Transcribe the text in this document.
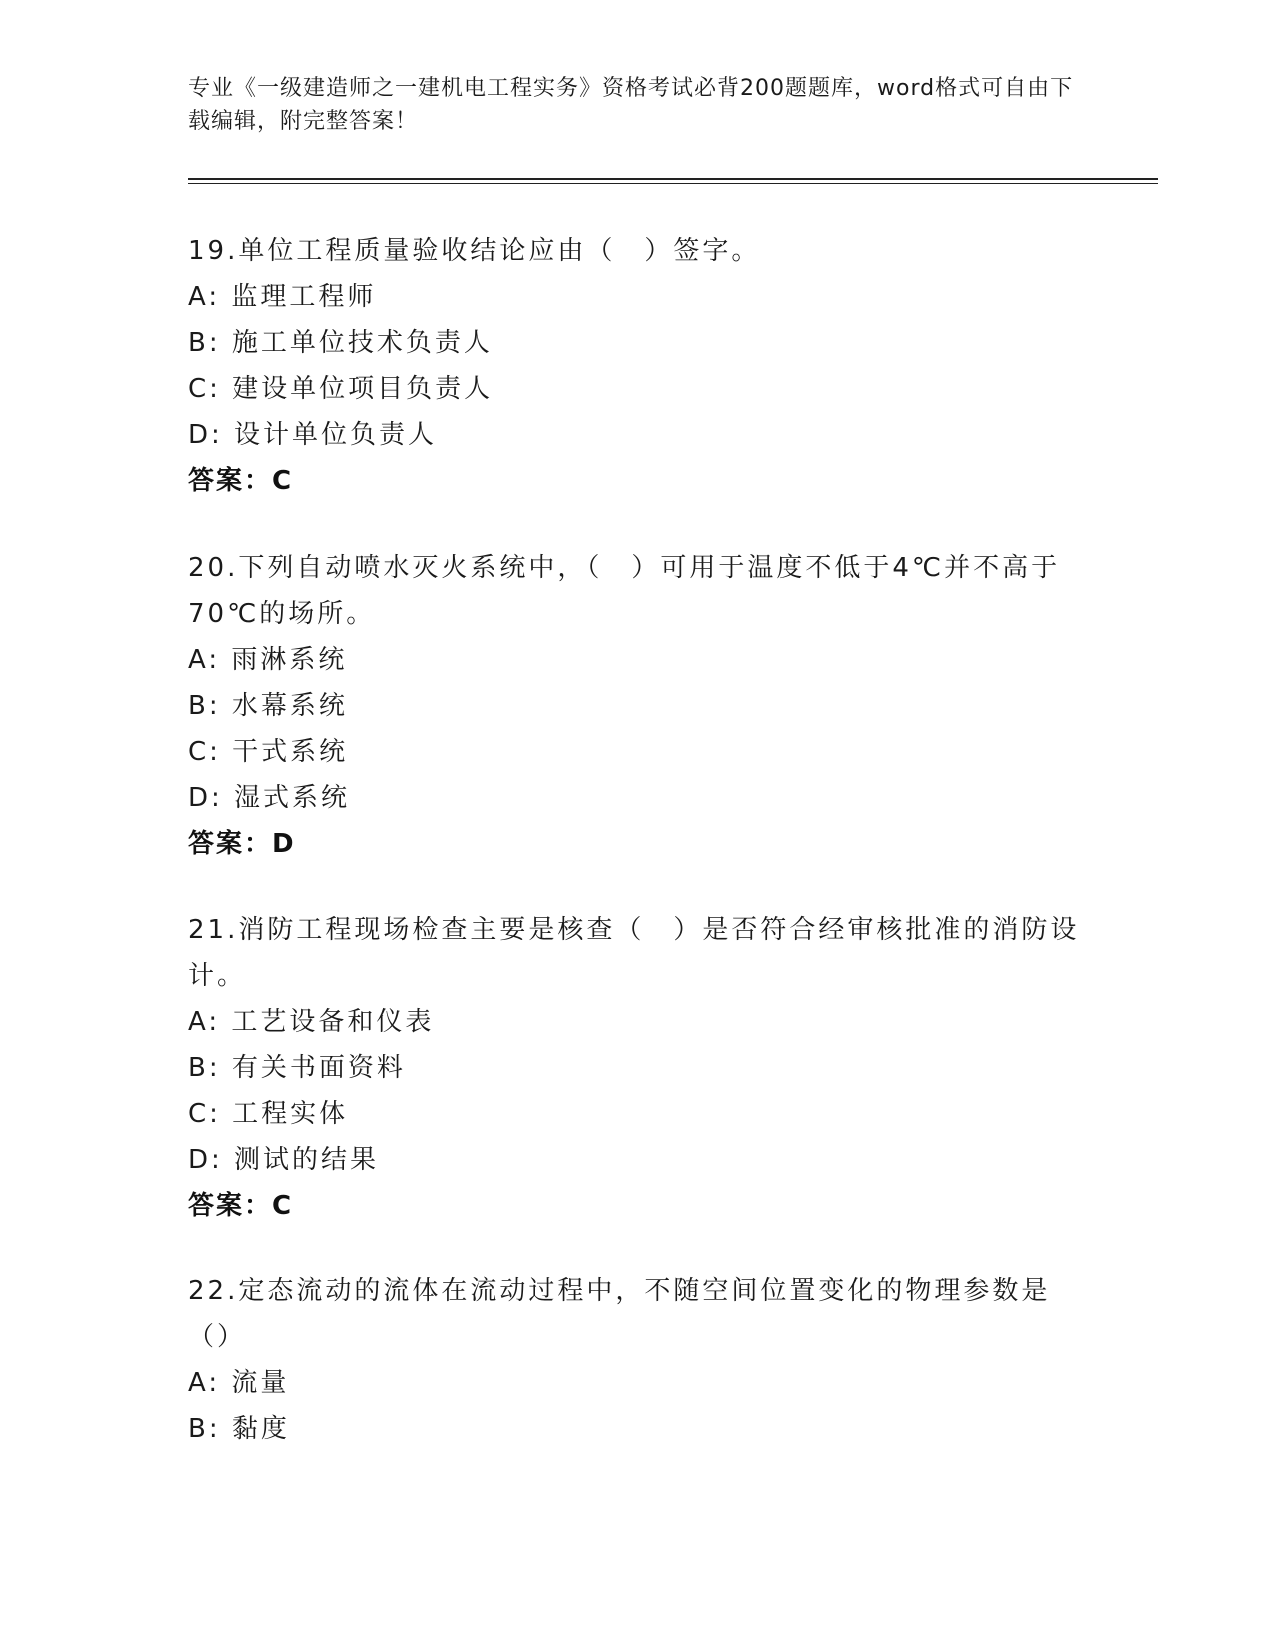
专业《一级建造师之一建机电工程实务》资格考试必背200题题库，word格式可自由下载编辑，附完整答案！

19.单位工程质量验收结论应由（　）签字。

A: 监理工程师

B: 施工单位技术负责人

C: 建设单位项目负责人

D: 设计单位负责人

答案：C

20.下列自动喷水灭火系统中，（　）可用于温度不低于4℃并不高于70℃的场所。

A: 雨淋系统

B: 水幕系统

C: 干式系统

D: 湿式系统

答案：D

21.消防工程现场检查主要是核查（　）是否符合经审核批准的消防设计。

A: 工艺设备和仪表

B: 有关书面资料

C: 工程实体

D: 测试的结果

答案：C

22.定态流动的流体在流动过程中，不随空间位置变化的物理参数是（）

A: 流量

B: 黏度
